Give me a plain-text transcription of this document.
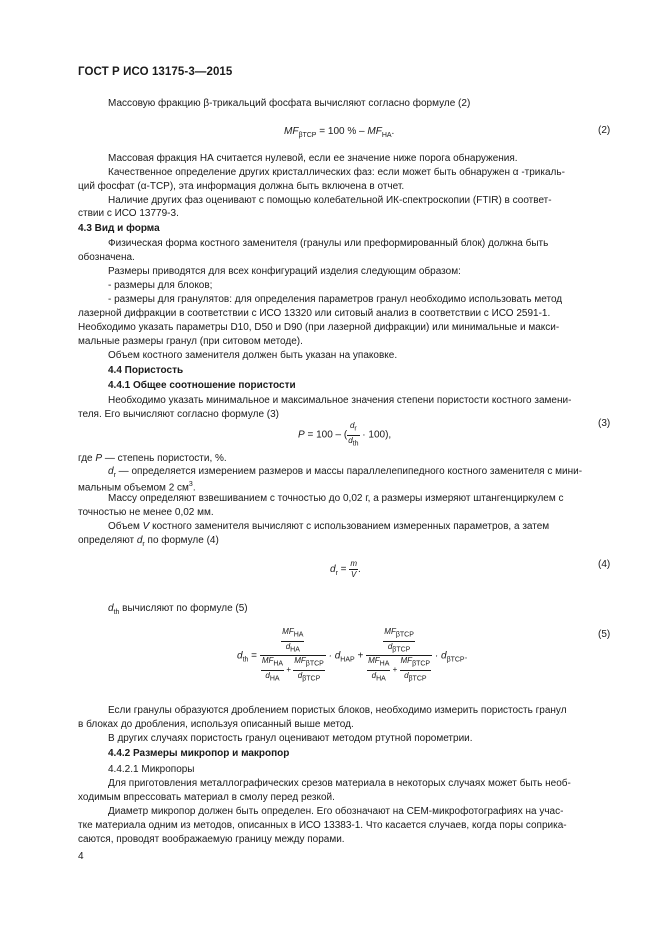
ГОСТ Р ИСО 13175-3—2015
Массовую фракцию β-трикальций фосфата вычисляют согласно формуле (2)
$MF_{\beta TCP} = 100$ % – $MF_{HA}$.	(2)
Массовая фракция НА считается нулевой, если ее значение ниже порога обнаружения.
Качественное определение других кристаллических фаз: если может быть обнаружен α -трикаль-
ций фосфат (α-TCP), эта информация должна быть включена в отчет.
Наличие других фаз оценивают с помощью колебательной ИК-спектроскопии (FTIR) в соответ-
ствии с ИСО 13779-3.
4.3 Вид и форма
Физическая форма костного заменителя (гранулы или преформированный блок) должна быть
обозначена.
Размеры приводятся для всех конфигураций изделия следующим образом:
- размеры для блоков;
- размеры для гранулятов: для определения параметров гранул необходимо использовать метод
лазерной дифракции в соответствии с ИСО 13320 или ситовый анализ в соответствии с ИСО 2591-1.
Необходимо указать параметры D10, D50 и D90 (при лазерной дифракции) или минимальные и макси-
мальные размеры гранул (при ситовом методе).
Объем костного заменителя должен быть указан на упаковке.
4.4 Пористость
4.4.1 Общее соотношение пористости
Необходимо указать минимальное и максимальное значения степени пористости костного замени-
теля. Его вычисляют согласно формуле (3)
P = 100 – ( $\frac{d_r}{d_{th}} \cdot 100$),
(3)
где P — степень пористости, %.
$d_r$ — определяется измерением размеров и массы параллелепипедного костного заменителя с мини-
мальным объемом 2 $см^3$.
Массу определяют взвешиванием с точностью до 0,02 г, а размеры измеряют штангенциркулем с
точностью не менее 0,02 мм.
Объем V костного заменителя вычисляют с использованием измеренных параметров, а затем
определяют $d_r$ по формуле (4)
$d_r = \frac{m}{V}$ .	(4)
$d_{th}$ вычисляют по формуле (5)
$d_{th} = \frac{\frac{MF_{HA}}{d_{HA}}}{\frac{MF_{HA}}{d_{HA}} + \frac{MF_{\beta TCP}}{d_{\beta TCP}}} \cdot d_{HAP} + \frac{\frac{MF_{\beta TCP}}{d_{\beta TCP}}}{\frac{MF_{HA}}{d_{HA}} + \frac{MF_{\beta TCP}}{d_{\beta TCP}}} \cdot d_{\beta TCP}$.
(5)
Если гранулы образуются дроблением пористых блоков, необходимо измерить пористость гранул
в блоках до дробления, используя описанный выше метод.
В других случаях пористость гранул оценивают методом ртутной порометрии.
4.4.2 Размеры микропор и макропор
4.4.2.1 Микропоры
Для приготовления металлографических срезов материала в некоторых случаях может быть необ-
ходимым впрессовать материал в смолу перед резкой.
Диаметр микропор должен быть определен. Его обозначают на СЕМ-микрофотографиях на учас-
тке материала одним из методов, описанных в ИСО 13383-1. Что касается случаев, когда поры соприка-
саются, проводят воображаемую границу между порами.
4
